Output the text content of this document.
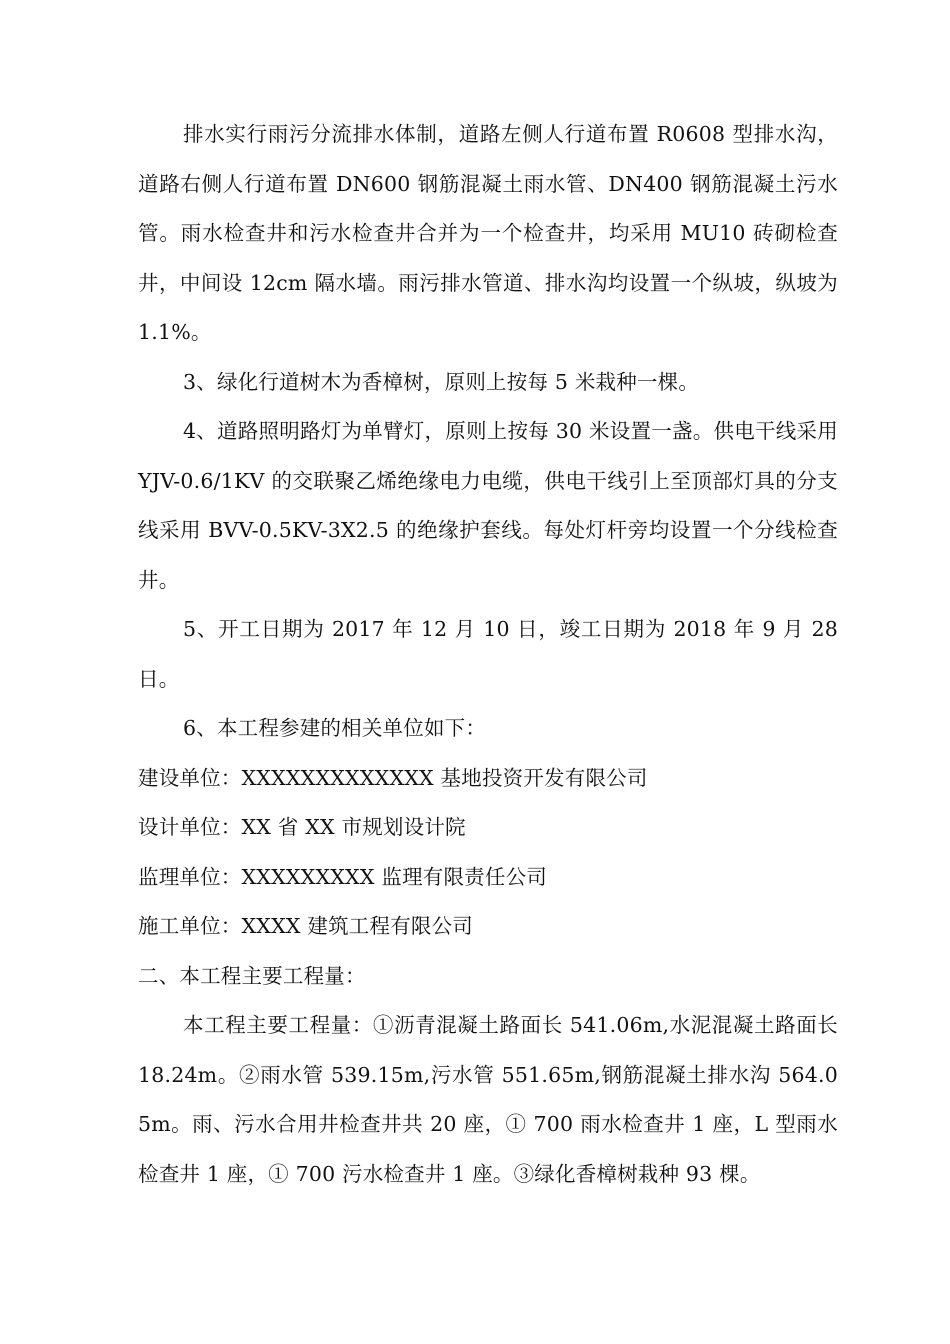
排水实行雨污分流排水体制，道路左侧人行道布置 R0608 型排水沟，道路右侧人行道布置 DN600 钢筋混凝土雨水管、DN400 钢筋混凝土污水管。雨水检查井和污水检查井合并为一个检查井，均采用 MU10 砖砌检查井，中间设 12cm 隔水墙。雨污排水管道、排水沟均设置一个纵坡，纵坡为 1.1%。

3、绿化行道树木为香樟树，原则上按每 5 米栽种一棵。

4、道路照明路灯为单臂灯，原则上按每 30 米设置一盏。供电干线采用 YJV-0.6/1KV 的交联聚乙烯绝缘电力电缆，供电干线引上至顶部灯具的分支线采用 BVV-0.5KV-3X2.5 的绝缘护套线。每处灯杆旁均设置一个分线检查井。

5、开工日期为 2017 年 12 月 10 日，竣工日期为 2018 年 9 月 28 日。

6、本工程参建的相关单位如下：

建设单位：XXXXXXXXXXXXX 基地投资开发有限公司

设计单位：XX 省 XX 市规划设计院

监理单位：XXXXXXXXX 监理有限责任公司

施工单位：XXXX 建筑工程有限公司

二、本工程主要工程量：

本工程主要工程量：①沥青混凝土路面长 541.06m,水泥混凝土路面长 18.24m。②雨水管 539.15m,污水管 551.65m,钢筋混凝土排水沟 564.05m。雨、污水合用井检查井共 20 座，① 700 雨水检查井 1 座，L 型雨水检查井 1 座，① 700 污水检查井 1 座。③绿化香樟树栽种 93 棵。
